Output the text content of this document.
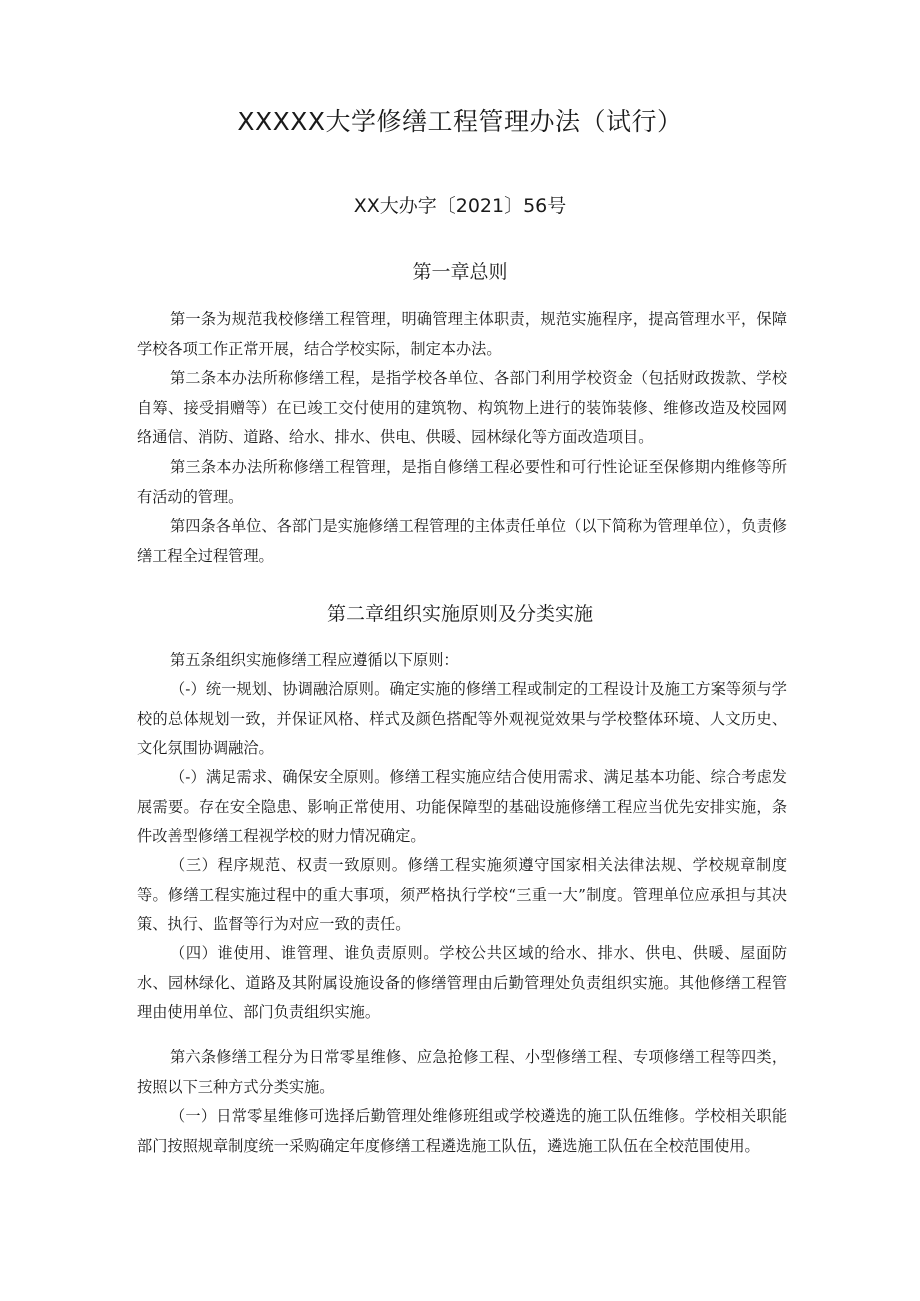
XXXXX大学修缮工程管理办法（试行）
XX大办字〔2021〕56号
第一章总则

第一条为规范我校修缮工程管理，明确管理主体职责，规范实施程序，提高管理水平，保障学校各项工作正常开展，结合学校实际，制定本办法。

第二条本办法所称修缮工程，是指学校各单位、各部门利用学校资金（包括财政拨款、学校自筹、接受捐赠等）在已竣工交付使用的建筑物、构筑物上进行的装饰装修、维修改造及校园网络通信、消防、道路、给水、排水、供电、供暖、园林绿化等方面改造项目。

第三条本办法所称修缮工程管理，是指自修缮工程必要性和可行性论证至保修期内维修等所有活动的管理。

第四条各单位、各部门是实施修缮工程管理的主体责任单位（以下简称为管理单位），负责修缮工程全过程管理。

第二章组织实施原则及分类实施

第五条组织实施修缮工程应遵循以下原则：

（-）统一规划、协调融洽原则。确定实施的修缮工程或制定的工程设计及施工方案等须与学校的总体规划一致，并保证风格、样式及颜色搭配等外观视觉效果与学校整体环境、人文历史、文化氛围协调融洽。

（-）满足需求、确保安全原则。修缮工程实施应结合使用需求、满足基本功能、综合考虑发展需要。存在安全隐患、影响正常使用、功能保障型的基础设施修缮工程应当优先安排实施，条件改善型修缮工程视学校的财力情况确定。

（三）程序规范、权责一致原则。修缮工程实施须遵守国家相关法律法规、学校规章制度等。修缮工程实施过程中的重大事项，须严格执行学校“三重一大”制度。管理单位应承担与其决策、执行、监督等行为对应一致的责任。

（四）谁使用、谁管理、谁负责原则。学校公共区域的给水、排水、供电、供暖、屋面防水、园林绿化、道路及其附属设施设备的修缮管理由后勤管理处负责组织实施。其他修缮工程管理由使用单位、部门负责组织实施。

第六条修缮工程分为日常零星维修、应急抢修工程、小型修缮工程、专项修缮工程等四类，按照以下三种方式分类实施。

（一）日常零星维修可选择后勤管理处维修班组或学校遴选的施工队伍维修。学校相关职能部门按照规章制度统一采购确定年度修缮工程遴选施工队伍，遴选施工队伍在全校范围使用。
